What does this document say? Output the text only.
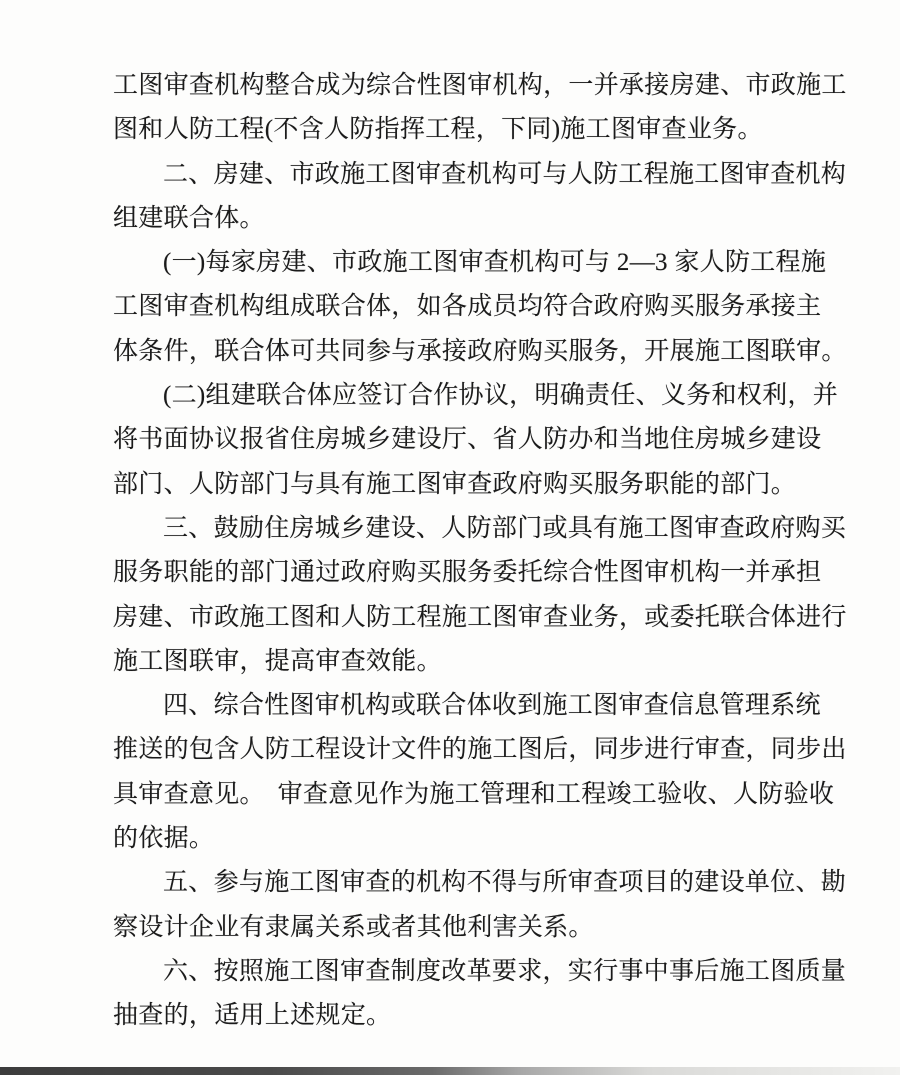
工图审查机构整合成为综合性图审机构，一并承接房建、市政施工
图和人防工程(不含人防指挥工程，下同)施工图审查业务。
二、房建、市政施工图审查机构可与人防工程施工图审查机构
组建联合体。
(一)每家房建、市政施工图审查机构可与 2—3 家人防工程施
工图审查机构组成联合体，如各成员均符合政府购买服务承接主
体条件，联合体可共同参与承接政府购买服务，开展施工图联审。
(二)组建联合体应签订合作协议，明确责任、义务和权利，并
将书面协议报省住房城乡建设厅、省人防办和当地住房城乡建设
部门、人防部门与具有施工图审查政府购买服务职能的部门。
三、鼓励住房城乡建设、人防部门或具有施工图审查政府购买
服务职能的部门通过政府购买服务委托综合性图审机构一并承担
房建、市政施工图和人防工程施工图审查业务，或委托联合体进行
施工图联审，提高审查效能。
四、综合性图审机构或联合体收到施工图审查信息管理系统
推送的包含人防工程设计文件的施工图后，同步进行审查，同步出
具审查意见。 审查意见作为施工管理和工程竣工验收、人防验收
的依据。
五、参与施工图审查的机构不得与所审查项目的建设单位、勘
察设计企业有隶属关系或者其他利害关系。
六、按照施工图审查制度改革要求，实行事中事后施工图质量
抽查的，适用上述规定。
